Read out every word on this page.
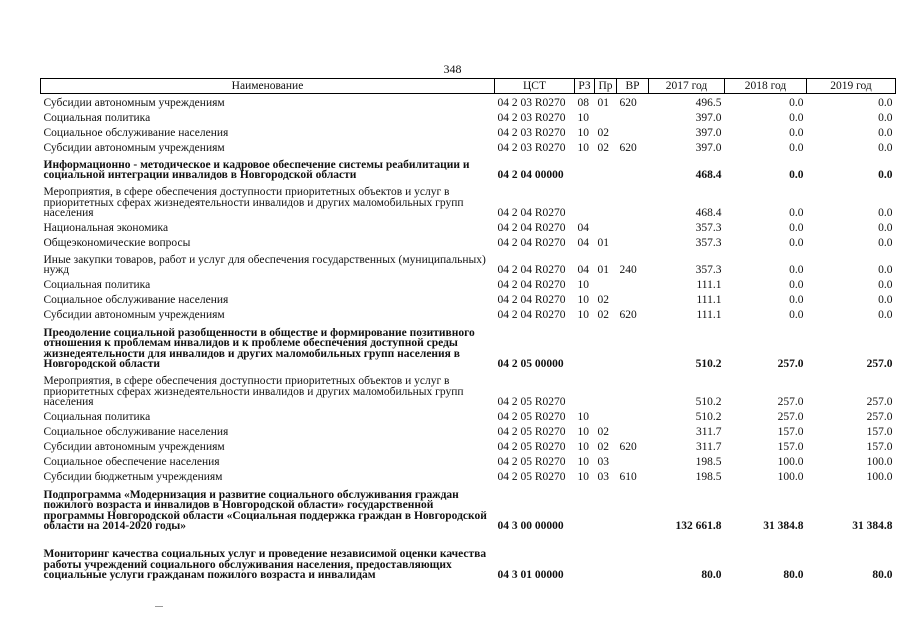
348
Наименование	ЦСТ	РЗ	Пр	ВР	2017 год	2018 год	2019 год
Субсидии автономным учреждениям	04 2 03 R0270	08	01	620	496.5	0.0	0.0
Социальная политика	04 2 03 R0270	10			397.0	0.0	0.0
Социальное обслуживание населения	04 2 03 R0270	10	02		397.0	0.0	0.0
Субсидии автономным учреждениям	04 2 03 R0270	10	02	620	397.0	0.0	0.0
Информационно - методическое и кадровое обеспечение системы реабилитации и социальной интеграции инвалидов в Новгородской области	04 2 04 00000				468.4	0.0	0.0
Мероприятия, в сфере обеспечения доступности приоритетных объектов и услуг в приоритетных сферах жизнедеятельности инвалидов и других маломобильных групп населения	04 2 04 R0270				468.4	0.0	0.0
Национальная экономика	04 2 04 R0270	04			357.3	0.0	0.0
Общеэкономические вопросы	04 2 04 R0270	04	01		357.3	0.0	0.0
Иные закупки товаров, работ и услуг для обеспечения государственных (муниципальных) нужд	04 2 04 R0270	04	01	240	357.3	0.0	0.0
Социальная политика	04 2 04 R0270	10			111.1	0.0	0.0
Социальное обслуживание населения	04 2 04 R0270	10	02		111.1	0.0	0.0
Субсидии автономным учреждениям	04 2 04 R0270	10	02	620	111.1	0.0	0.0
Преодоление социальной разобщенности в обществе и формирование позитивного отношения к проблемам инвалидов и к проблеме обеспечения доступной среды жизнедеятельности для инвалидов и других маломобильных групп населения в Новгородской области	04 2 05 00000				510.2	257.0	257.0
Мероприятия, в сфере обеспечения доступности приоритетных объектов и услуг в приоритетных сферах жизнедеятельности инвалидов и других маломобильных групп населения	04 2 05 R0270				510.2	257.0	257.0
Социальная политика	04 2 05 R0270	10			510.2	257.0	257.0
Социальное обслуживание населения	04 2 05 R0270	10	02		311.7	157.0	157.0
Субсидии автономным учреждениям	04 2 05 R0270	10	02	620	311.7	157.0	157.0
Социальное обеспечение населения	04 2 05 R0270	10	03		198.5	100.0	100.0
Субсидии бюджетным учреждениям	04 2 05 R0270	10	03	610	198.5	100.0	100.0
Подпрограмма «Модернизация и развитие социального обслуживания граждан пожилого возраста и инвалидов в Новгородской области» государственной программы Новгородской области «Социальная поддержка граждан в Новгородской области на 2014-2020 годы»	04 3 00 00000				132 661.8	31 384.8	31 384.8
Мониторинг качества социальных услуг и проведение независимой оценки качества работы учреждений социального обслуживания населения, предоставляющих социальные услуги гражданам пожилого возраста и инвалидам	04 3 01 00000				80.0	80.0	80.0
